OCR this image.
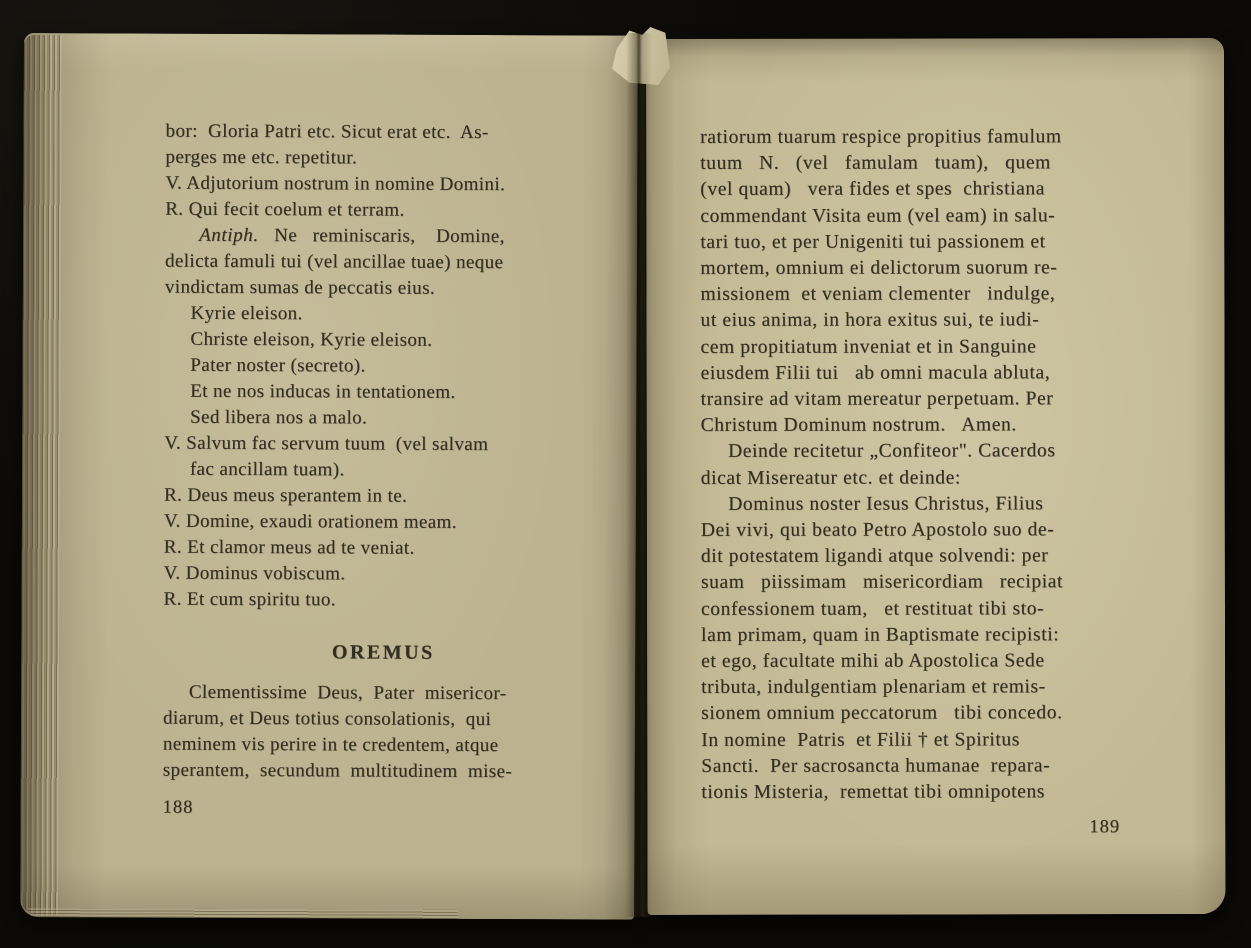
bor:  Gloria Patri etc. Sicut erat etc.  As-
perges me etc. repetitur.
V. Adjutorium nostrum in nomine Domini.
R. Qui fecit coelum et terram.
Antiph.   Ne   reminiscaris,    Domine,
delicta famuli tui (vel ancillae tuae) neque
vindictam sumas de peccatis eius.
Kyrie eleison.
Christe eleison, Kyrie eleison.
Pater noster (secreto).
Et ne nos inducas in tentationem.
Sed libera nos a malo.
V. Salvum fac servum tuum  (vel salvam
fac ancillam tuam).
R. Deus meus sperantem in te.
V. Domine, exaudi orationem meam.
R. Et clamor meus ad te veniat.
V. Dominus vobiscum.
R. Et cum spiritu tuo.
OREMUS
Clementissime  Deus,  Pater  misericor-
diarum, et Deus totius consolationis,  qui
neminem vis perire in te credentem, atque
sperantem,  secundum  multitudinem  mise-
188
ratiorum tuarum respice propitius famulum
tuum   N.   (vel   famulam   tuam),   quem
(vel quam)   vera fides et spes  christiana
commendant Visita eum (vel eam) in salu-
tari tuo, et per Unigeniti tui passionem et
mortem, omnium ei delictorum suorum re-
missionem  et veniam clementer   indulge,
ut eius anima, in hora exitus sui, te iudi-
cem propitiatum inveniat et in Sanguine
eiusdem Filii tui   ab omni macula abluta,
transire ad vitam mereatur perpetuam. Per
Christum Dominum nostrum.   Amen.
Deinde recitetur „Confiteor". Cacerdos
dicat Misereatur etc. et deinde:
Dominus noster Iesus Christus, Filius
Dei vivi, qui beato Petro Apostolo suo de-
dit potestatem ligandi atque solvendi: per
suam   piissimam   misericordiam   recipiat
confessionem tuam,   et restituat tibi sto-
lam primam, quam in Baptismate recipisti:
et ego, facultate mihi ab Apostolica Sede
tributa, indulgentiam plenariam et remis-
sionem omnium peccatorum   tibi concedo.
In nomine  Patris  et Filii † et Spiritus
Sancti.  Per sacrosancta humanae  repara-
tionis Misteria,  remettat tibi omnipotens
189
